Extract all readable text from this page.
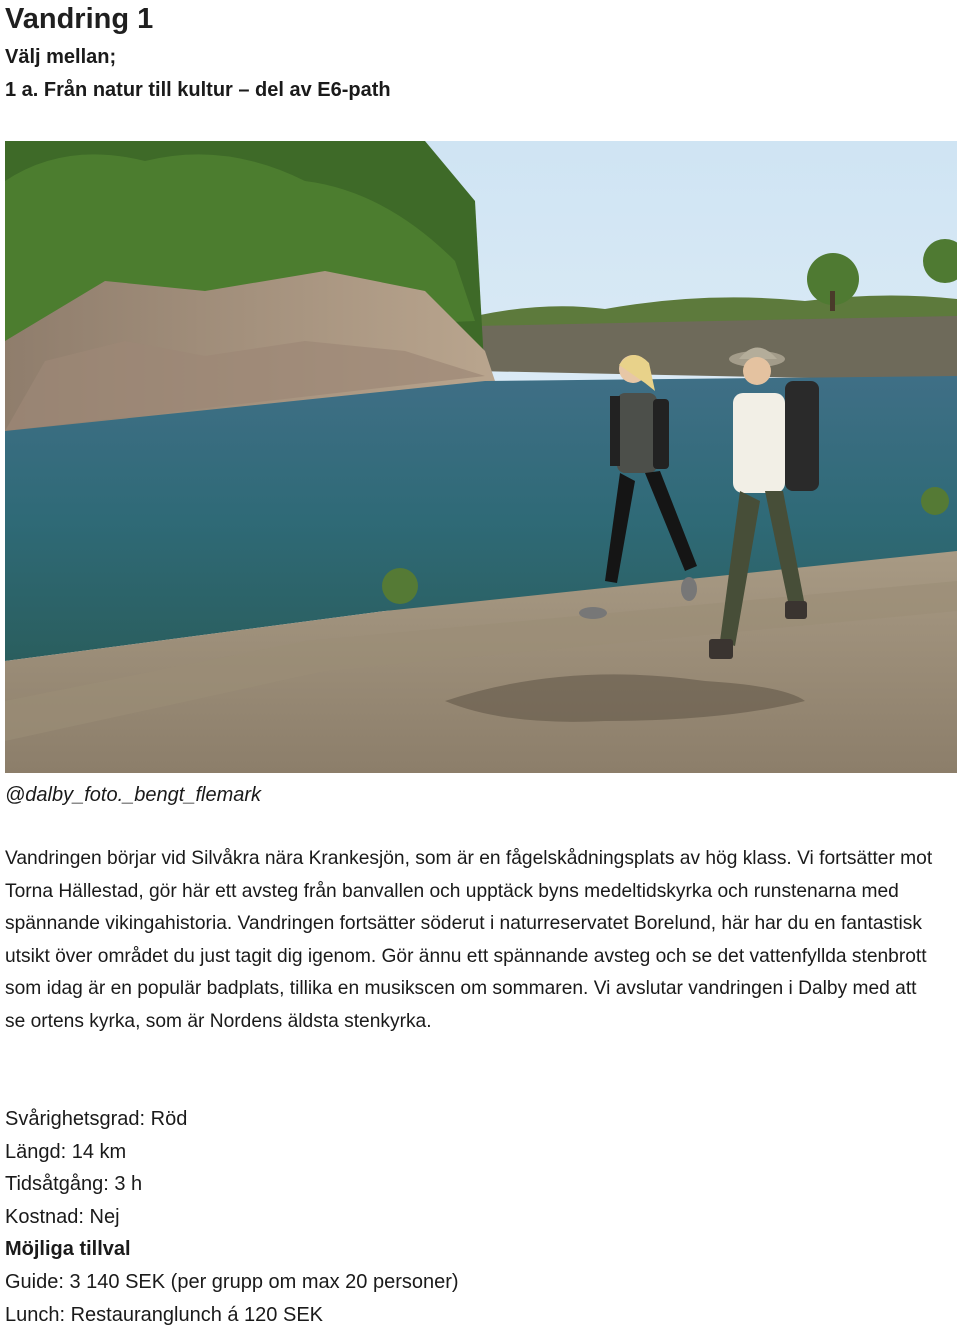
Vandring 1
Välj mellan;
1 a. Från natur till kultur – del av E6-path
@dalby_foto._bengt_flemark

Vandringen börjar vid Silvåkra nära Krankesjön, som är en fågelskådningsplats av hög klass. Vi fortsätter mot Torna Hällestad, gör här ett avsteg från banvallen och upptäck byns medeltidskyrka och runstenarna med spännande vikingahistoria. Vandringen fortsätter söderut i naturreservatet Borelund, här har du en fantastisk utsikt över området du just tagit dig igenom. Gör ännu ett spännande avsteg och se det vattenfyllda stenbrott som idag är en populär badplats, tillika en musikscen om sommaren. Vi avslutar vandringen i Dalby med att se ortens kyrka, som är Nordens äldsta stenkyrka.

Svårighetsgrad: Röd
Längd: 14 km
Tidsåtgång: 3 h
Kostnad: Nej
Möjliga tillval
Guide: 3 140 SEK (per grupp om max 20 personer)
Lunch: Restauranglunch á 120 SEK
